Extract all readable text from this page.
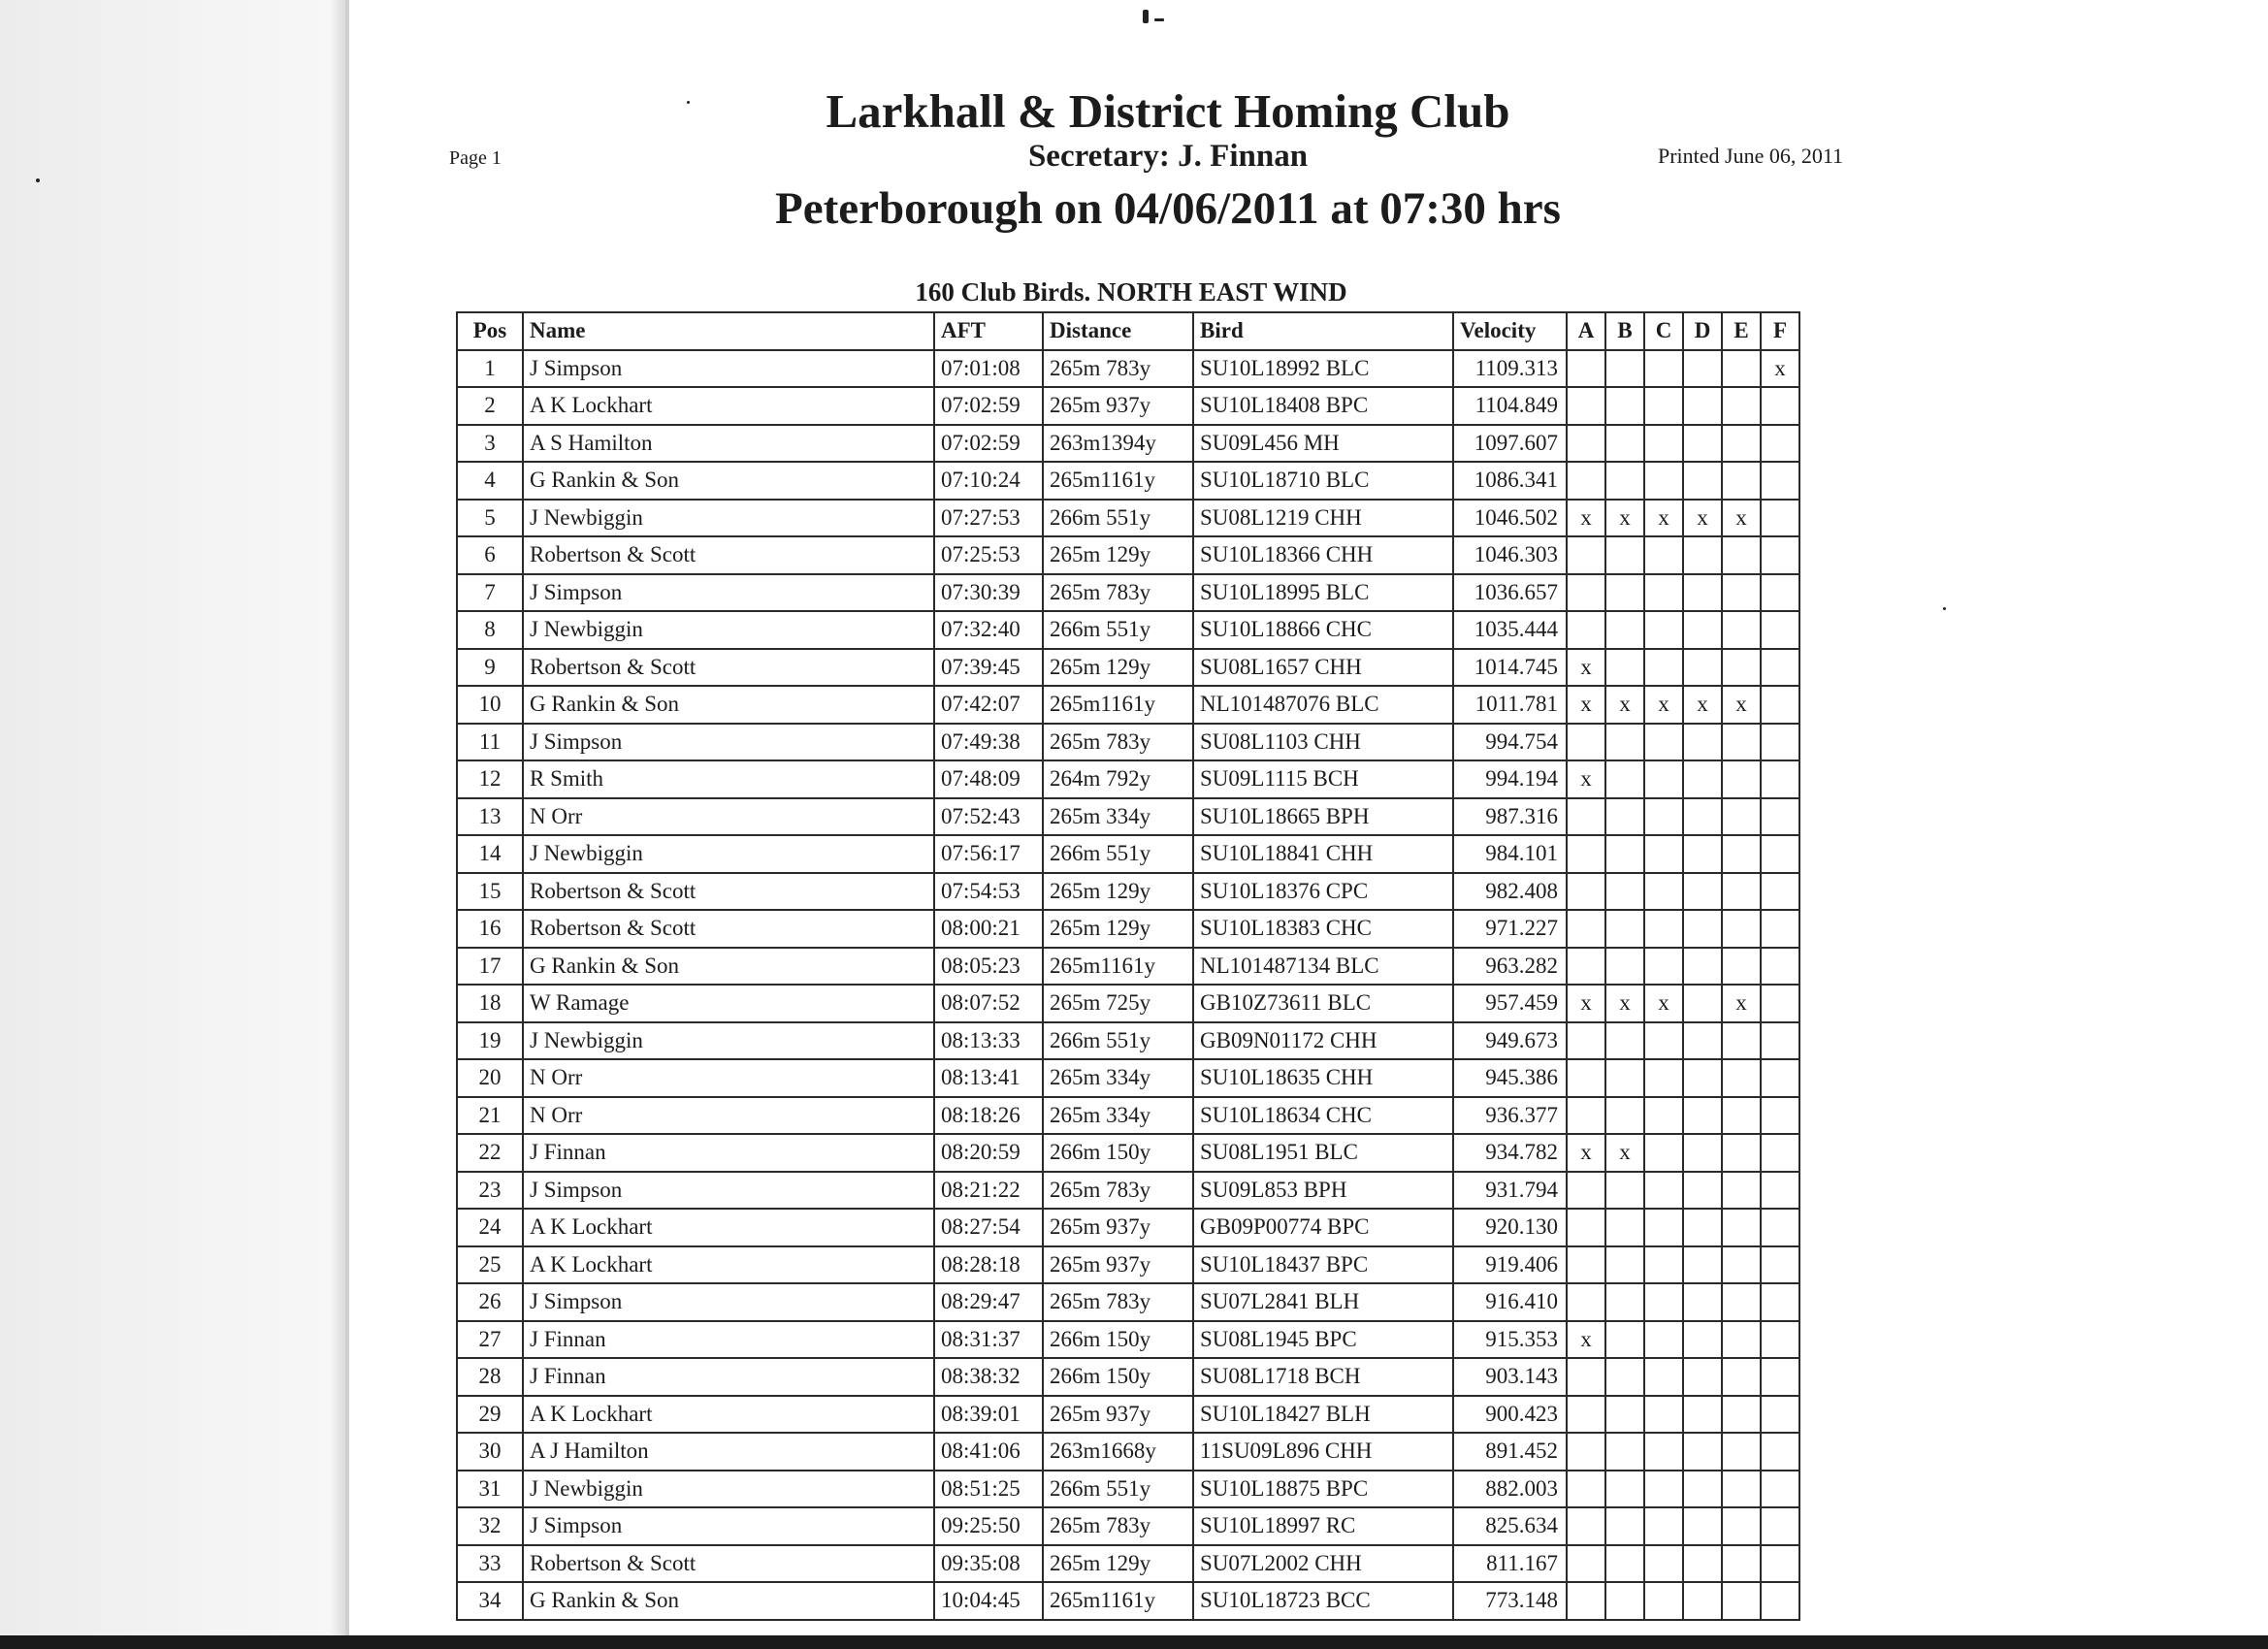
Larkhall & District Homing Club
Secretary: J. Finnan
Peterborough on 04/06/2011 at 07:30 hrs
Page 1	Printed June 06, 2011
160 Club Birds. NORTH EAST WIND
Pos	Name	AFT	Distance	Bird	Velocity	A	B	C	D	E	F
1	J Simpson	07:01:08	265m 783y	SU10L18992 BLC	1109.313						x
2	A K Lockhart	07:02:59	265m 937y	SU10L18408 BPC	1104.849						
3	A S Hamilton	07:02:59	263m1394y	SU09L456 MH	1097.607						
4	G Rankin & Son	07:10:24	265m1161y	SU10L18710 BLC	1086.341						
5	J Newbiggin	07:27:53	266m 551y	SU08L1219 CHH	1046.502	x	x	x	x	x	
6	Robertson & Scott	07:25:53	265m 129y	SU10L18366 CHH	1046.303						
7	J Simpson	07:30:39	265m 783y	SU10L18995 BLC	1036.657						
8	J Newbiggin	07:32:40	266m 551y	SU10L18866 CHC	1035.444						
9	Robertson & Scott	07:39:45	265m 129y	SU08L1657 CHH	1014.745	x					
10	G Rankin & Son	07:42:07	265m1161y	NL101487076 BLC	1011.781	x	x	x	x	x	
11	J Simpson	07:49:38	265m 783y	SU08L1103 CHH	994.754						
12	R Smith	07:48:09	264m 792y	SU09L1115 BCH	994.194	x					
13	N Orr	07:52:43	265m 334y	SU10L18665 BPH	987.316						
14	J Newbiggin	07:56:17	266m 551y	SU10L18841 CHH	984.101						
15	Robertson & Scott	07:54:53	265m 129y	SU10L18376 CPC	982.408						
16	Robertson & Scott	08:00:21	265m 129y	SU10L18383 CHC	971.227						
17	G Rankin & Son	08:05:23	265m1161y	NL101487134 BLC	963.282						
18	W Ramage	08:07:52	265m 725y	GB10Z73611 BLC	957.459	x	x	x		x	
19	J Newbiggin	08:13:33	266m 551y	GB09N01172 CHH	949.673						
20	N Orr	08:13:41	265m 334y	SU10L18635 CHH	945.386						
21	N Orr	08:18:26	265m 334y	SU10L18634 CHC	936.377						
22	J Finnan	08:20:59	266m 150y	SU08L1951 BLC	934.782	x	x				
23	J Simpson	08:21:22	265m 783y	SU09L853 BPH	931.794						
24	A K Lockhart	08:27:54	265m 937y	GB09P00774 BPC	920.130						
25	A K Lockhart	08:28:18	265m 937y	SU10L18437 BPC	919.406						
26	J Simpson	08:29:47	265m 783y	SU07L2841 BLH	916.410						
27	J Finnan	08:31:37	266m 150y	SU08L1945 BPC	915.353	x					
28	J Finnan	08:38:32	266m 150y	SU08L1718 BCH	903.143						
29	A K Lockhart	08:39:01	265m 937y	SU10L18427 BLH	900.423						
30	A J Hamilton	08:41:06	263m1668y	11SU09L896 CHH	891.452						
31	J Newbiggin	08:51:25	266m 551y	SU10L18875 BPC	882.003						
32	J Simpson	09:25:50	265m 783y	SU10L18997 RC	825.634						
33	Robertson & Scott	09:35:08	265m 129y	SU07L2002 CHH	811.167						
34	G Rankin & Son	10:04:45	265m1161y	SU10L18723 BCC	773.148						
